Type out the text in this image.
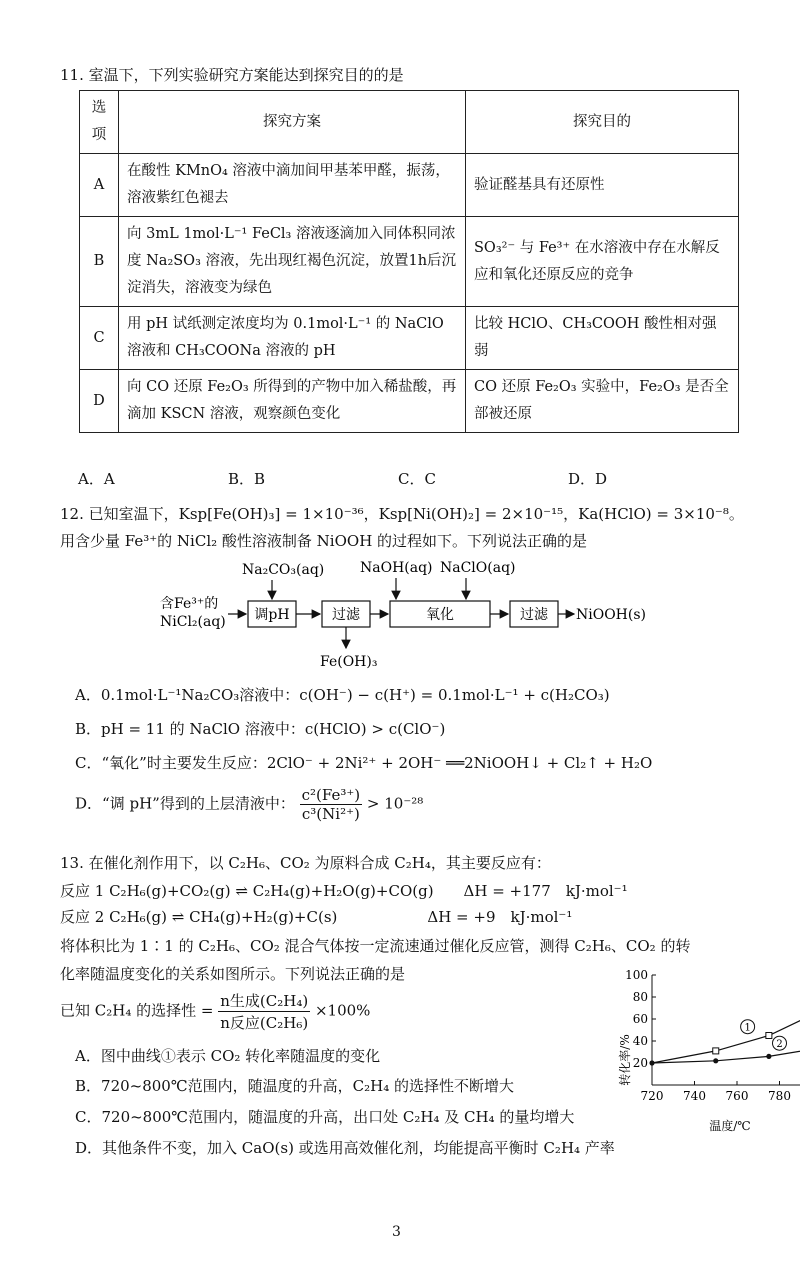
11. 室温下，下列实验研究方案能达到探究目的的是
选
项	探究方案	探究目的
A	在酸性 KMnO₄ 溶液中滴加间甲基苯甲醛，振荡，溶液紫红色褪去	验证醛基具有还原性
B	向 3mL 1mol·L⁻¹ FeCl₃ 溶液逐滴加入同体积同浓度 Na₂SO₃ 溶液，先出现红褐色沉淀，放置1h后沉淀消失，溶液变为绿色	SO₃²⁻ 与 Fe³⁺ 在水溶液中存在水解反应和氧化还原反应的竞争
C	用 pH 试纸测定浓度均为 0.1mol·L⁻¹ 的 NaClO 溶液和 CH₃COONa 溶液的 pH	比较 HClO、CH₃COOH 酸性相对强弱
D	向 CO 还原 Fe₂O₃ 所得到的产物中加入稀盐酸，再滴加 KSCN 溶液，观察颜色变化	CO 还原 Fe₂O₃ 实验中，Fe₂O₃ 是否全部被还原
A．A	B．B	C．C	D．D
12. 已知室温下，Ksp[Fe(OH)₃] = 1×10⁻³⁶，Ksp[Ni(OH)₂] = 2×10⁻¹⁵，Ka(HClO) = 3×10⁻⁸。
用含少量 Fe³⁺的 NiCl₂ 酸性溶液制备 NiOOH 的过程如下。下列说法正确的是
含Fe³⁺的
NiCl₂(aq) 调pH
Na₂CO₃(aq)
过滤
Fe(OH)₃
氧化
NaOH(aq) NaClO(aq)
过滤 NiOOH(s)
A．0.1mol·L⁻¹Na₂CO₃溶液中：c(OH⁻) − c(H⁺) = 0.1mol·L⁻¹ + c(H₂CO₃)
B．pH = 11 的 NaClO 溶液中：c(HClO) > c(ClO⁻)
C．“氧化”时主要发生反应：2ClO⁻ + 2Ni²⁺ + 2OH⁻ ══2NiOOH↓ + Cl₂↑ + H₂O
D．“调 pH”得到的上层清液中： $\frac{\text{c²(Fe³⁺)}}{\text{c³(Ni²⁺)}} > 10^{-28}$
13. 在催化剂作用下，以 C₂H₆、CO₂ 为原料合成 C₂H₄，其主要反应有：
反应 1 C₂H₆(g)+CO₂(g) ⇌ C₂H₄(g)+H₂O(g)+CO(g)　　ΔH = +177　kJ·mol⁻¹
反应 2 C₂H₆(g) ⇌ CH₄(g)+H₂(g)+C(s)　　　　　　ΔH = +9　kJ·mol⁻¹
将体积比为 1∶1 的 C₂H₆、CO₂ 混合气体按一定流速通过催化反应管，测得 C₂H₆、CO₂ 的转
化率随温度变化的关系如图所示。下列说法正确的是
已知 C₂H₄ 的选择性 = $\frac{\text{n生成(C₂H₄)}}{\text{n反应(C₂H₆)}} \times 100\%$
A．图中曲线①表示 CO₂ 转化率随温度的变化
B．720~800℃范围内，随温度的升高，C₂H₄ 的选择性不断增大
C．720~800℃范围内，随温度的升高，出口处 C₂H₄ 及 CH₄ 的量均增大
D．其他条件不变，加入 CaO(s) 或选用高效催化剂，均能提高平衡时 C₂H₄ 产率
20
40
60
80
100
720 740 760 780
1
2
转化率/%
温度/℃
3
